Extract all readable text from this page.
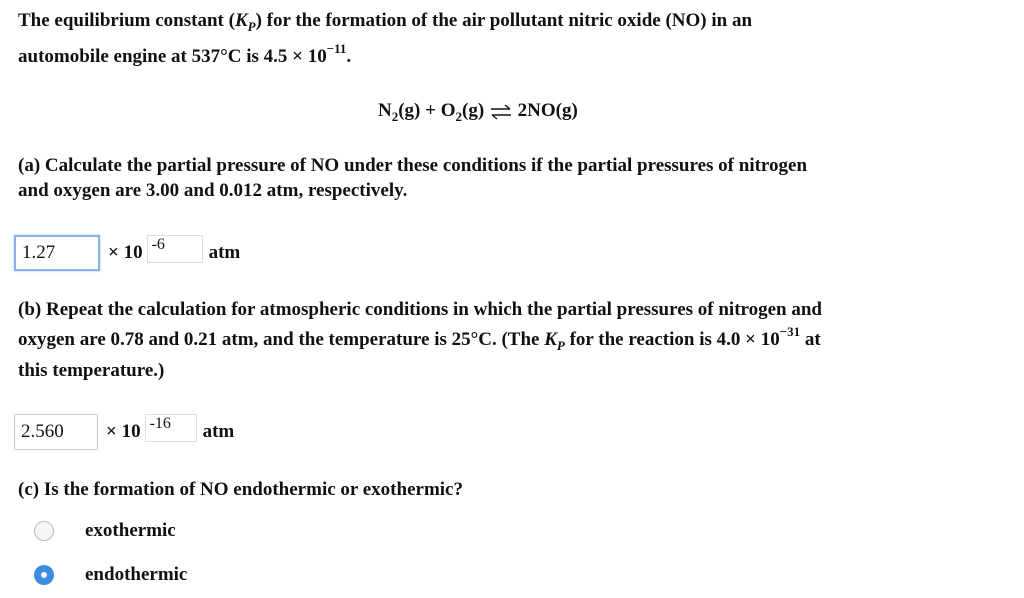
The equilibrium constant $(K_P)$ for the formation of the air pollutant nitric oxide (NO) in an
automobile engine at 537°C is $4.5 \times 10^{-11}$.
$N_2(g) + O_2(g)$ ⇌ 2NO(g)
(a) Calculate the partial pressure of NO under these conditions if the partial pressures of nitrogen
and oxygen are 3.00 and 0.012 atm, respectively.
1.27	× 10 -6	atm
(b) Repeat the calculation for atmospheric conditions in which the partial pressures of nitrogen and
oxygen are 0.78 and 0.21 atm, and the temperature is 25°C. (The $K_P$ for the reaction is $4.0 \times 10^{-31}$ at
this temperature.)
2.560	× 10 -16	atm
(c) Is the formation of NO endothermic or exothermic?
exothermic
endothermic
